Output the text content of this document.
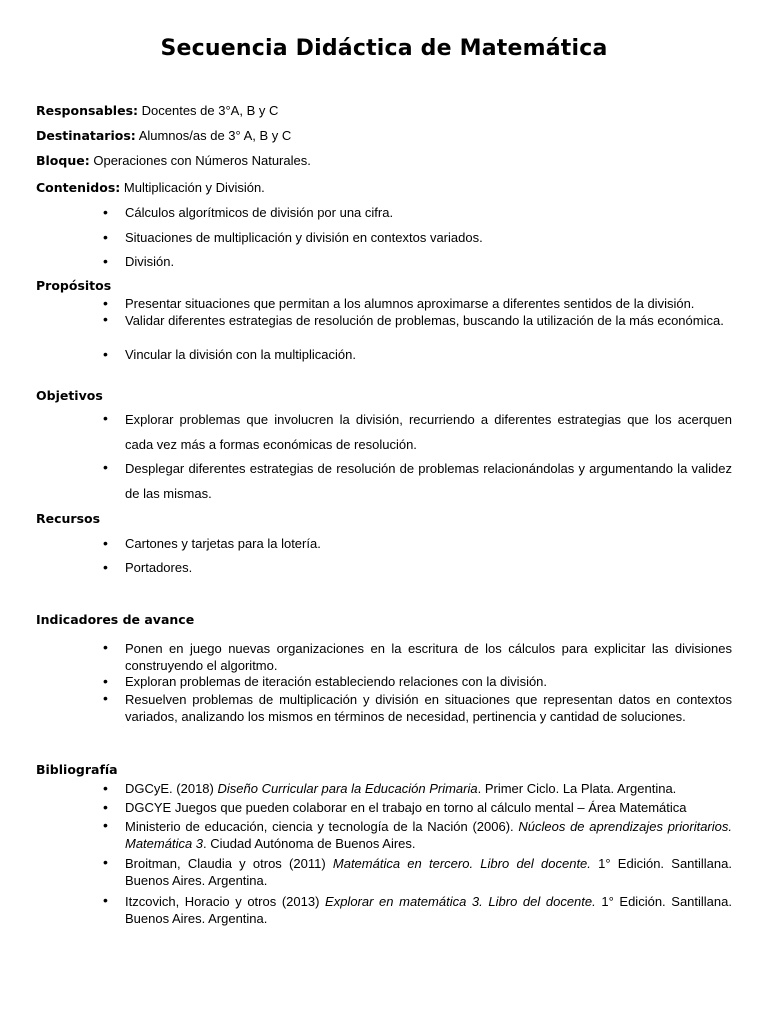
Secuencia Didáctica de Matemática
Responsables: Docentes de 3°A, B y C
Destinatarios: Alumnos/as de 3° A, B y C
Bloque: Operaciones con Números Naturales.
Contenidos: Multiplicación y División.
• Cálculos algorítmicos de división por una cifra.
• Situaciones de multiplicación y división en contextos variados.
• División.
Propósitos
• Presentar situaciones que permitan a los alumnos aproximarse a diferentes sentidos de la división.
• Validar diferentes estrategias de resolución de problemas, buscando la utilización de la más económica.
• Vincular la división con la multiplicación.
Objetivos
• Explorar problemas que involucren la división, recurriendo a diferentes estrategias que los acerquen cada vez más a formas económicas de resolución.
• Desplegar diferentes estrategias de resolución de problemas relacionándolas y argumentando la validez de las mismas.
Recursos
• Cartones y tarjetas para la lotería.
• Portadores.
Indicadores de avance
• Ponen en juego nuevas organizaciones en la escritura de los cálculos para explicitar las divisiones construyendo el algoritmo.
• Exploran problemas de iteración estableciendo relaciones con la división.
• Resuelven problemas de multiplicación y división en situaciones que representan datos en contextos variados, analizando los mismos en términos de necesidad, pertinencia y cantidad de soluciones.
Bibliografía
• DGCyE. (2018) Diseño Curricular para la Educación Primaria. Primer Ciclo. La Plata. Argentina.
• DGCYE Juegos que pueden colaborar en el trabajo en torno al cálculo mental – Área Matemática
• Ministerio de educación, ciencia y tecnología de la Nación (2006). Núcleos de aprendizajes prioritarios. Matemática 3. Ciudad Autónoma de Buenos Aires.
• Broitman, Claudia y otros (2011) Matemática en tercero. Libro del docente. 1° Edición. Santillana. Buenos Aires. Argentina.
• Itzcovich, Horacio y otros (2013) Explorar en matemática 3. Libro del docente. 1° Edición. Santillana. Buenos Aires. Argentina.
